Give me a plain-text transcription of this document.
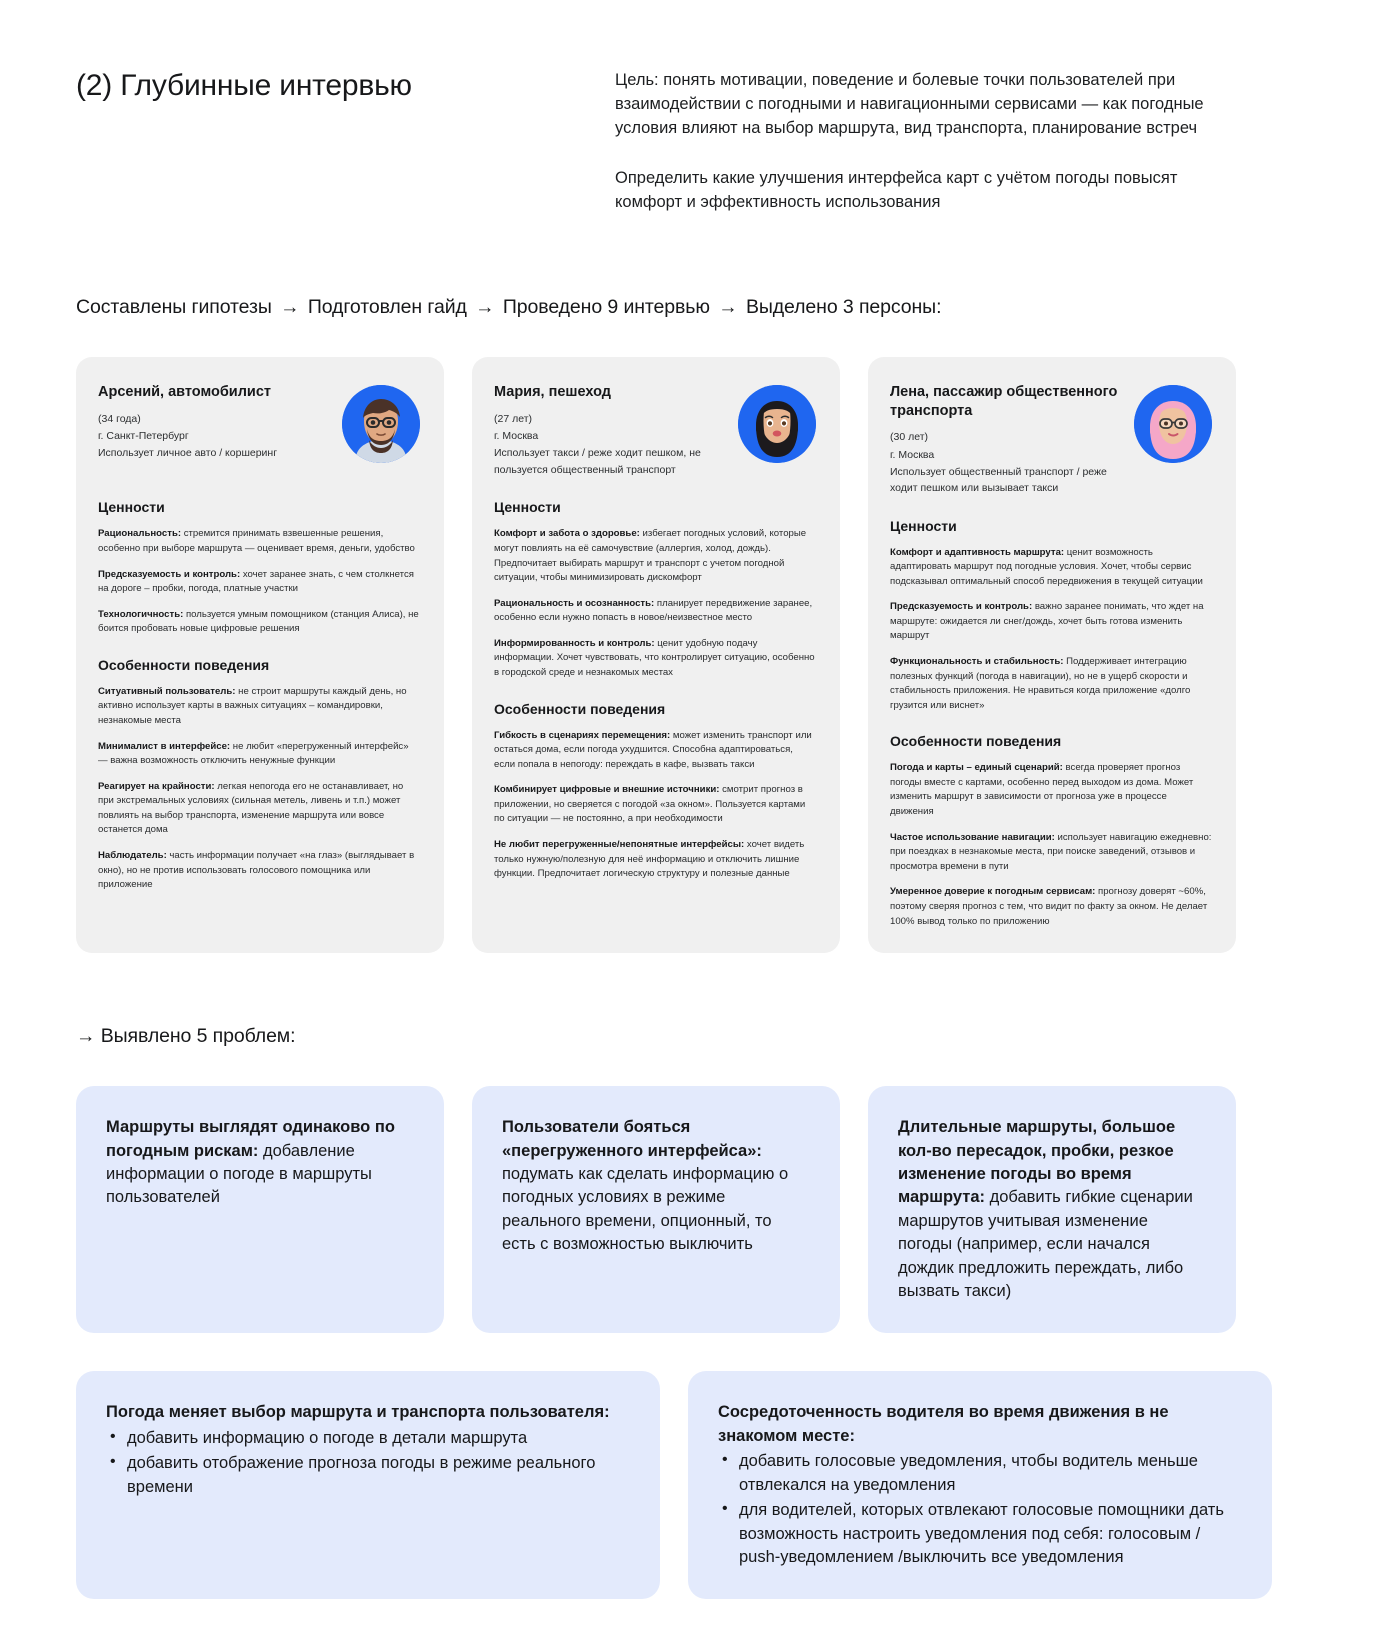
(2) Глубинные интервью	Цель: понять мотивации, поведение и болевые точки пользователей при взаимодействии с погодными и навигационными сервисами — как погодные условия влияют на выбор маршрута, вид транспорта, планирование встреч

Определить какие улучшения интерфейса карт с учётом погоды повысят комфорт и эффективность использования

Составлены гипотезы → Подготовлен гайд → Проведено 9 интервью → Выделено 3 персоны:
Арсений, автомобилист
(34 года)
г. Санкт-Петербург
Использует личное авто / коршеринг
Ценности
Рациональность: стремится принимать взвешенные решения, особенно при выборе маршрута — оценивает время, деньги, удобство
Предсказуемость и контроль: хочет заранее знать, с чем столкнется на дороге – пробки, погода, платные участки
Технологичность: пользуется умным помощником (станция Алиса), не боится пробовать новые цифровые решения
Особенности поведения
Ситуативный пользователь: не строит маршруты каждый день, но активно использует карты в важных ситуациях – командировки, незнакомые места
Минималист в интерфейсе: не любит «перегруженный интерфейс» — важна возможность отключить ненужные функции
Реагирует на крайности: легкая непогода его не останавливает, но при экстремальных условиях (сильная метель, ливень и т.п.) может повлиять на выбор транспорта, изменение маршрута или вовсе останется дома
Наблюдатель: часть информации получает «на глаз» (выглядывает в окно), но не против использовать голосового помощника или приложение
Мария, пешеход
(27 лет)
г. Москва
Использует такси / реже ходит пешком, не пользуется общественный транспорт
Ценности
Комфорт и забота о здоровье: избегает погодных условий, которые могут повлиять на её самочувствие (аллергия, холод, дождь). Предпочитает выбирать маршрут и транспорт с учетом погодной ситуации, чтобы минимизировать дискомфорт
Рациональность и осознанность: планирует передвижение заранее, особенно если нужно попасть в новое/неизвестное место
Информированность и контроль: ценит удобную подачу информации. Хочет чувствовать, что контролирует ситуацию, особенно в городской среде и незнакомых местах
Особенности поведения
Гибкость в сценариях перемещения: может изменить транспорт или остаться дома, если погода ухудшится. Способна адаптироваться, если попала в непогоду: переждать в кафе, вызвать такси
Комбинирует цифровые и внешние источники: смотрит прогноз в приложении, но сверяется с погодой «за окном». Пользуется картами по ситуации — не постоянно, а при необходимости
Не любит перегруженные/непонятные интерфейсы: хочет видеть только нужную/полезную для неё информацию и отключить лишние функции. Предпочитает логическую структуру и полезные данные
Лена, пассажир общественного транспорта
(30 лет)
г. Москва
Использует общественный транспорт / реже ходит пешком или вызывает такси
Ценности
Комфорт и адаптивность маршрута: ценит возможность адаптировать маршрут под погодные условия. Хочет, чтобы сервис подсказывал оптимальный способ передвижения в текущей ситуации
Предсказуемость и контроль: важно заранее понимать, что ждет на маршруте: ожидается ли снег/дождь, хочет быть готова изменить маршрут
Функциональность и стабильность: Поддерживает интеграцию полезных функций (погода в навигации), но не в ущерб скорости и стабильность приложения. Не нравиться когда приложение «долго грузится или виснет»
Особенности поведения
Погода и карты – единый сценарий: всегда проверяет прогноз погоды вместе с картами, особенно перед выходом из дома. Может изменить маршрут в зависимости от прогноза уже в процессе движения
Частое использование навигации: использует навигацию ежедневно: при поездках в незнакомые места, при поиске заведений, отзывов и просмотра времени в пути
Умеренное доверие к погодным сервисам: прогнозу доверят ~60%, поэтому сверяя прогноз с тем, что видит по факту за окном. Не делает 100% вывод только по приложению
→ Выявлено 5 проблем:
Маршруты выглядят одинаково по погодным рискам: добавление информации о погоде в маршруты пользователей
Пользователи бояться «перегруженного интерфейса»: подумать как сделать информацию о погодных условиях в режиме реального времени, опционный, то есть с возможностью выключить
Длительные маршруты, большое кол-во пересадок, пробки, резкое изменение погоды во время маршрута: добавить гибкие сценарии маршрутов учитывая изменение погоды (например, если начался дождик предложить переждать, либо вызвать такси)
Погода меняет выбор маршрута и транспорта пользователя:
• добавить информацию о погоде в детали маршрута
• добавить отображение прогноза погоды в режиме реального времени
Сосредоточенность водителя во время движения в не знакомом месте:
• добавить голосовые уведомления, чтобы водитель меньше отвлекался на уведомления
• для водителей, которых отвлекают голосовые помощники дать возможность настроить уведомления под себя: голосовым / push-уведомлением /выключить все уведомления
